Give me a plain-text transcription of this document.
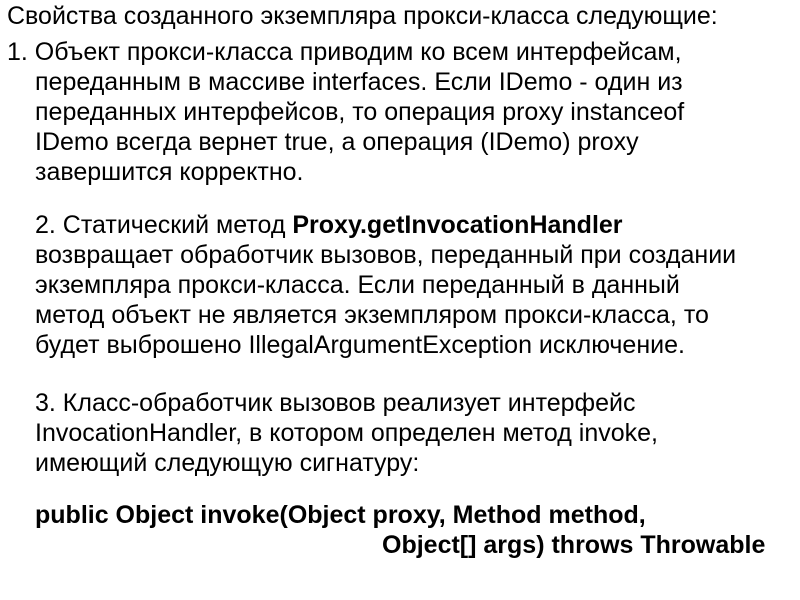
Свойства созданного экземпляра прокси-класса следующие:
1. Объект прокси-класса приводим ко всем интерфейсам,
переданным в массиве interfaces. Если IDemo - один из
переданных интерфейсов, то операция proxy instanceof
IDemo всегда вернет true, а операция (IDemo) proxy
завершится корректно.
2. Статический метод Proxy.getInvocationHandler
возвращает обработчик вызовов, переданный при создании
экземпляра прокси-класса. Если переданный в данный
метод объект не является экземпляром прокси-класса, то
будет выброшено IllegalArgumentException исключение.
3. Класс-обработчик вызовов реализует интерфейс
InvocationHandler, в котором определен метод invoke,
имеющий следующую сигнатуру:
public Object invoke(Object proxy, Method method,
Object[] args) throws Throwable
